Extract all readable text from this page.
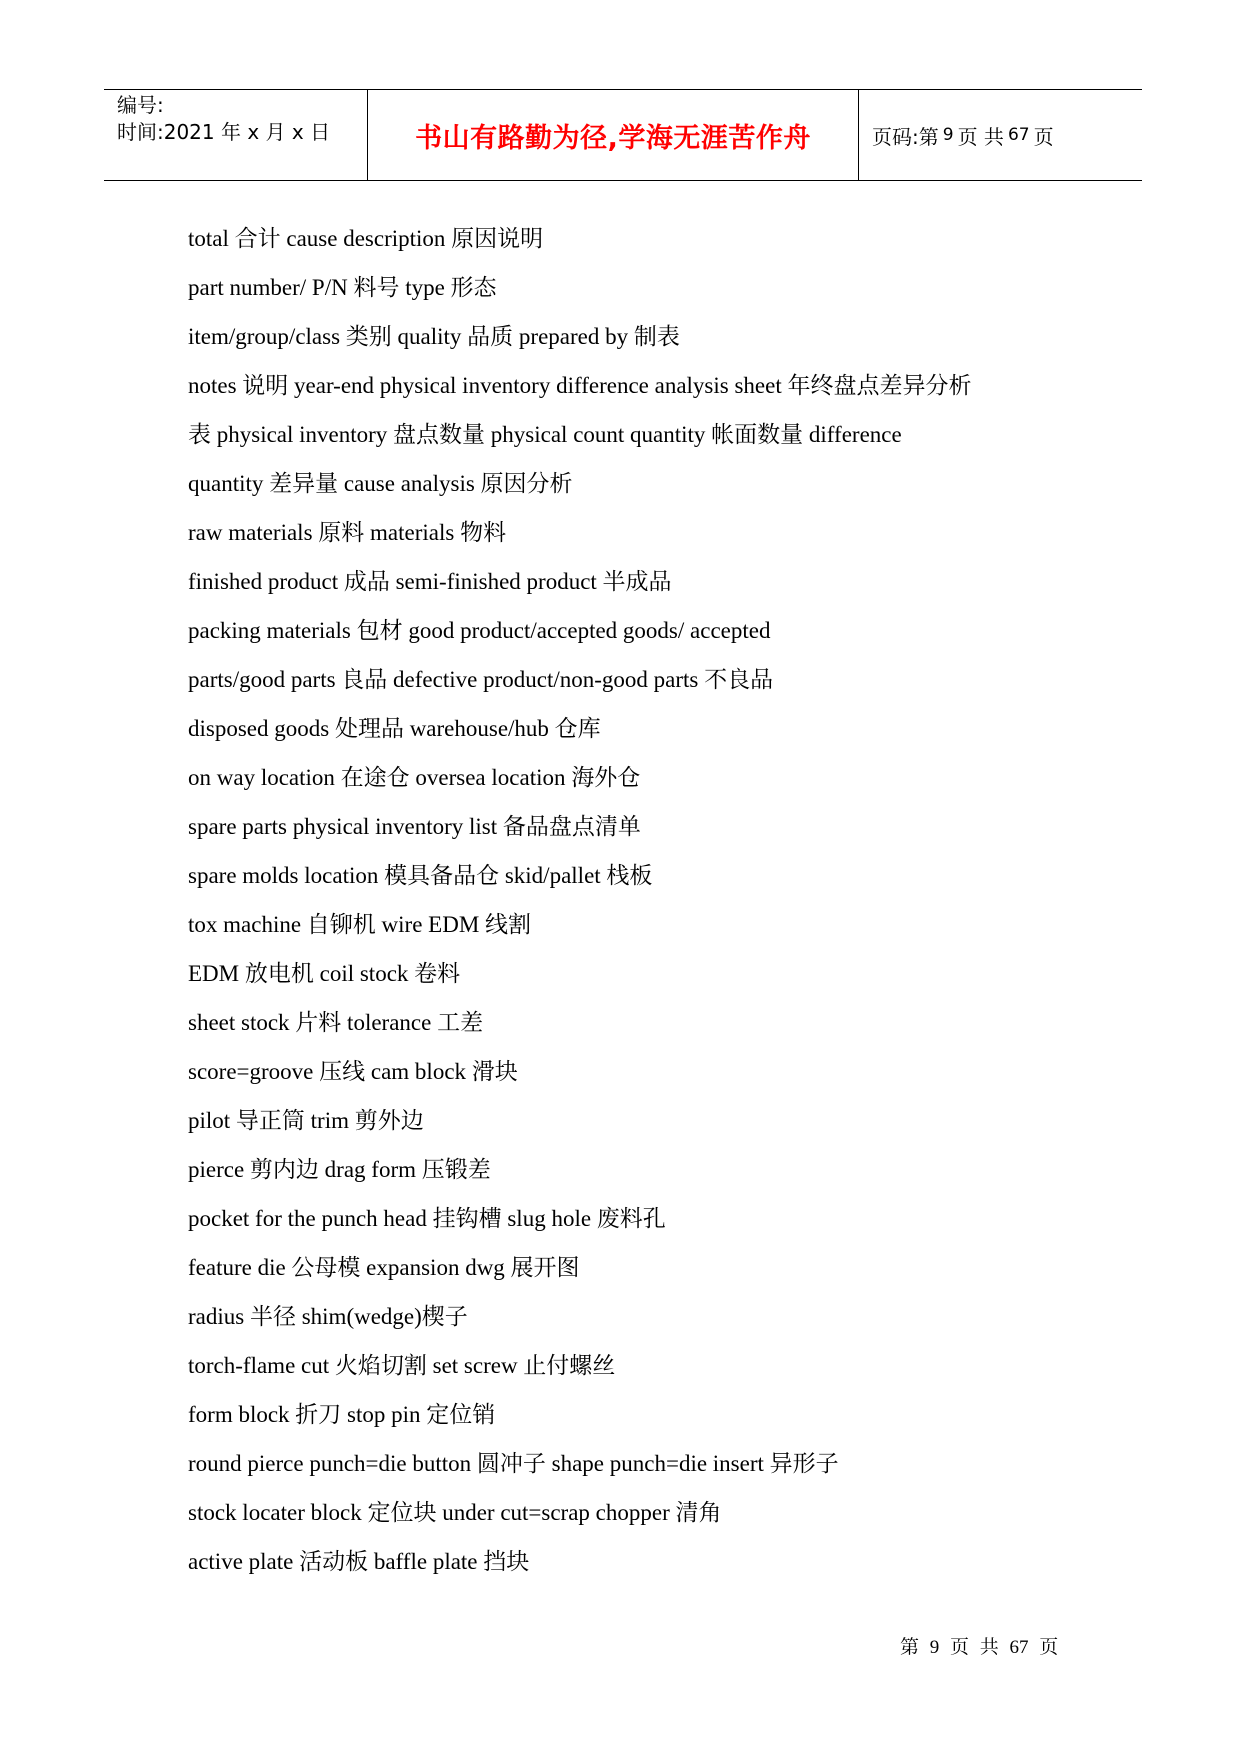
编号:
时间:2021 年 x 月 x 日	书山有路勤为径,学海无涯苦作舟	页码:第 9 页 共 67 页
total 合计 cause description 原因说明
part number/ P/N 料号 type 形态
item/group/class 类别 quality 品质 prepared by 制表
notes 说明 year-end physical inventory difference analysis sheet 年终盘点差异分析
表 physical inventory 盘点数量 physical count quantity 帐面数量 difference
quantity 差异量 cause analysis 原因分析
raw materials 原料 materials 物料
finished product 成品 semi-finished product 半成品
packing materials 包材 good product/accepted goods/ accepted
parts/good parts 良品 defective product/non-good parts 不良品
disposed goods 处理品 warehouse/hub 仓库
on way location 在途仓 oversea location 海外仓
spare parts physical inventory list 备品盘点清单
spare molds location 模具备品仓 skid/pallet 栈板
tox machine 自铆机 wire EDM 线割
EDM 放电机 coil stock 卷料
sheet stock 片料 tolerance 工差
score=groove 压线 cam block 滑块
pilot 导正筒 trim 剪外边
pierce 剪内边 drag form 压锻差
pocket for the punch head 挂钩槽 slug hole 废料孔
feature die 公母模 expansion dwg 展开图
radius 半径 shim(wedge)楔子
torch-flame cut 火焰切割 set screw 止付螺丝
form block 折刀 stop pin 定位销
round pierce punch=die button 圆冲子 shape punch=die insert 异形子
stock locater block 定位块 under cut=scrap chopper 清角
active plate 活动板 baffle plate 挡块
第 9 页 共 67 页
